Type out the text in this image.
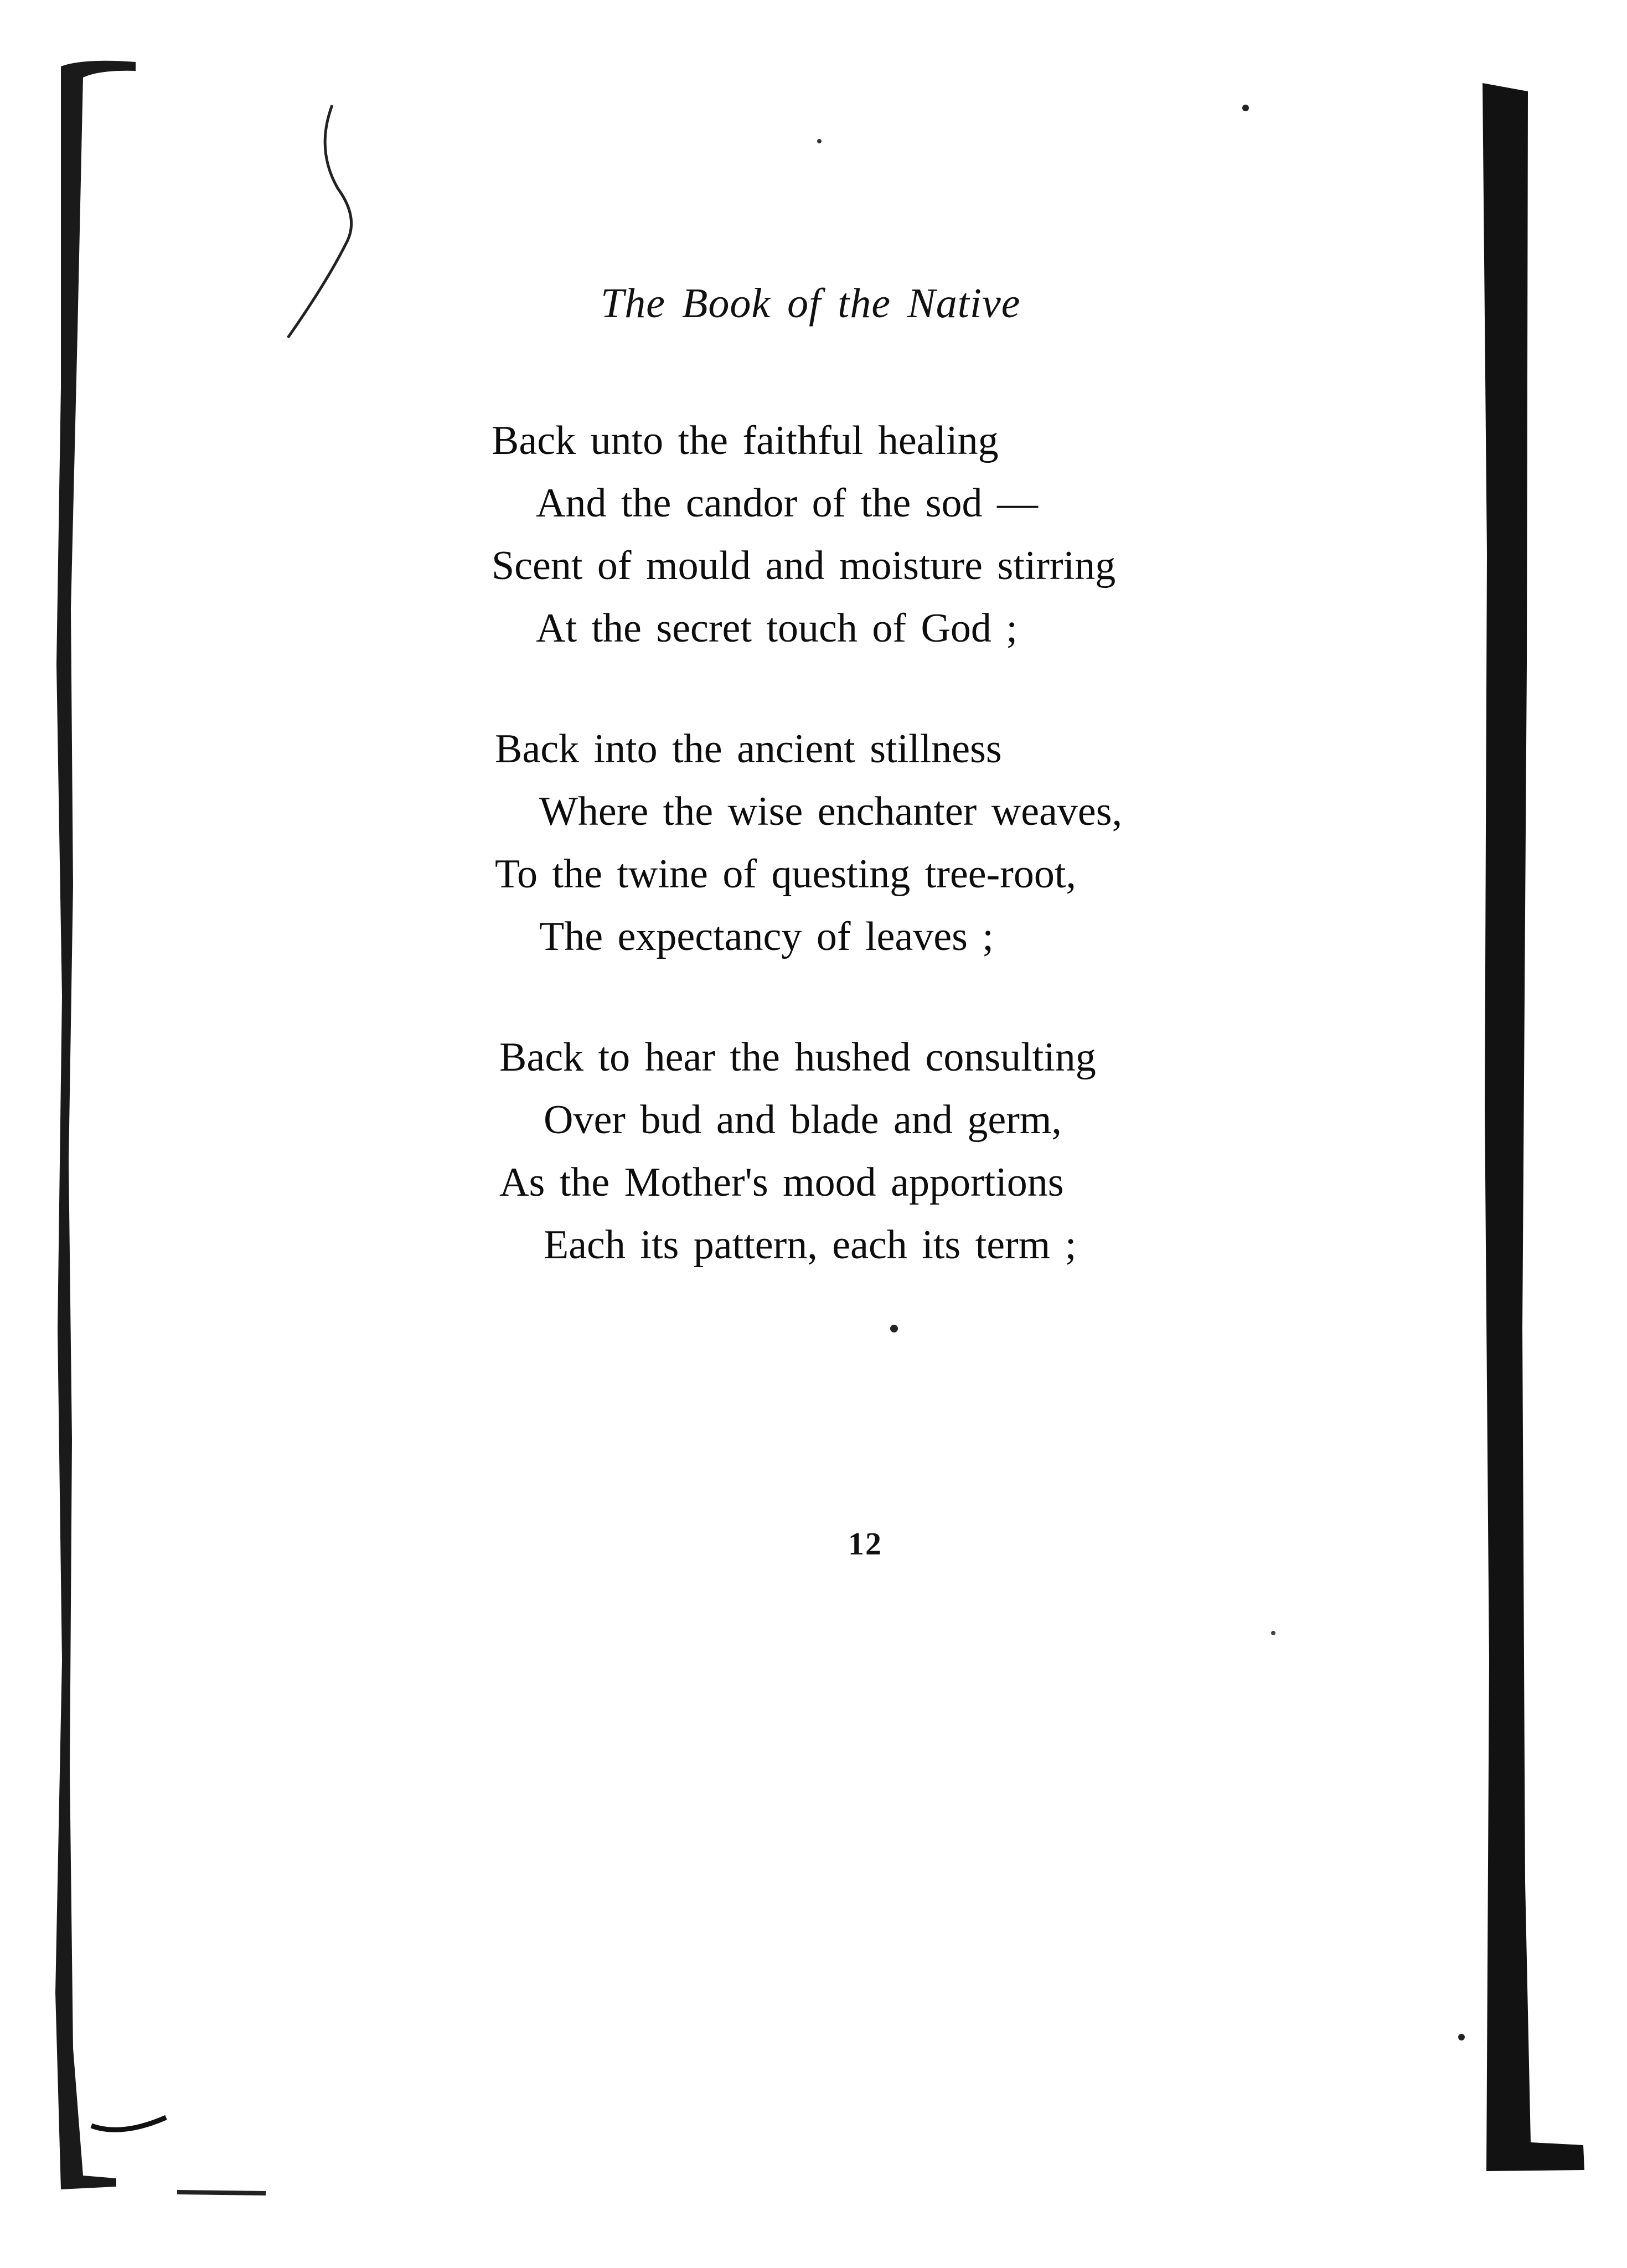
The Book of the Native
Back unto the faithful healing
And the candor of the sod —
Scent of mould and moisture stirring
At the secret touch of God ;
Back into the ancient stillness
Where the wise enchanter weaves,
To the twine of questing tree-root,
The expectancy of leaves ;
Back to hear the hushed consulting
Over bud and blade and germ,
As the Mother's mood apportions
Each its pattern, each its term ;
12
